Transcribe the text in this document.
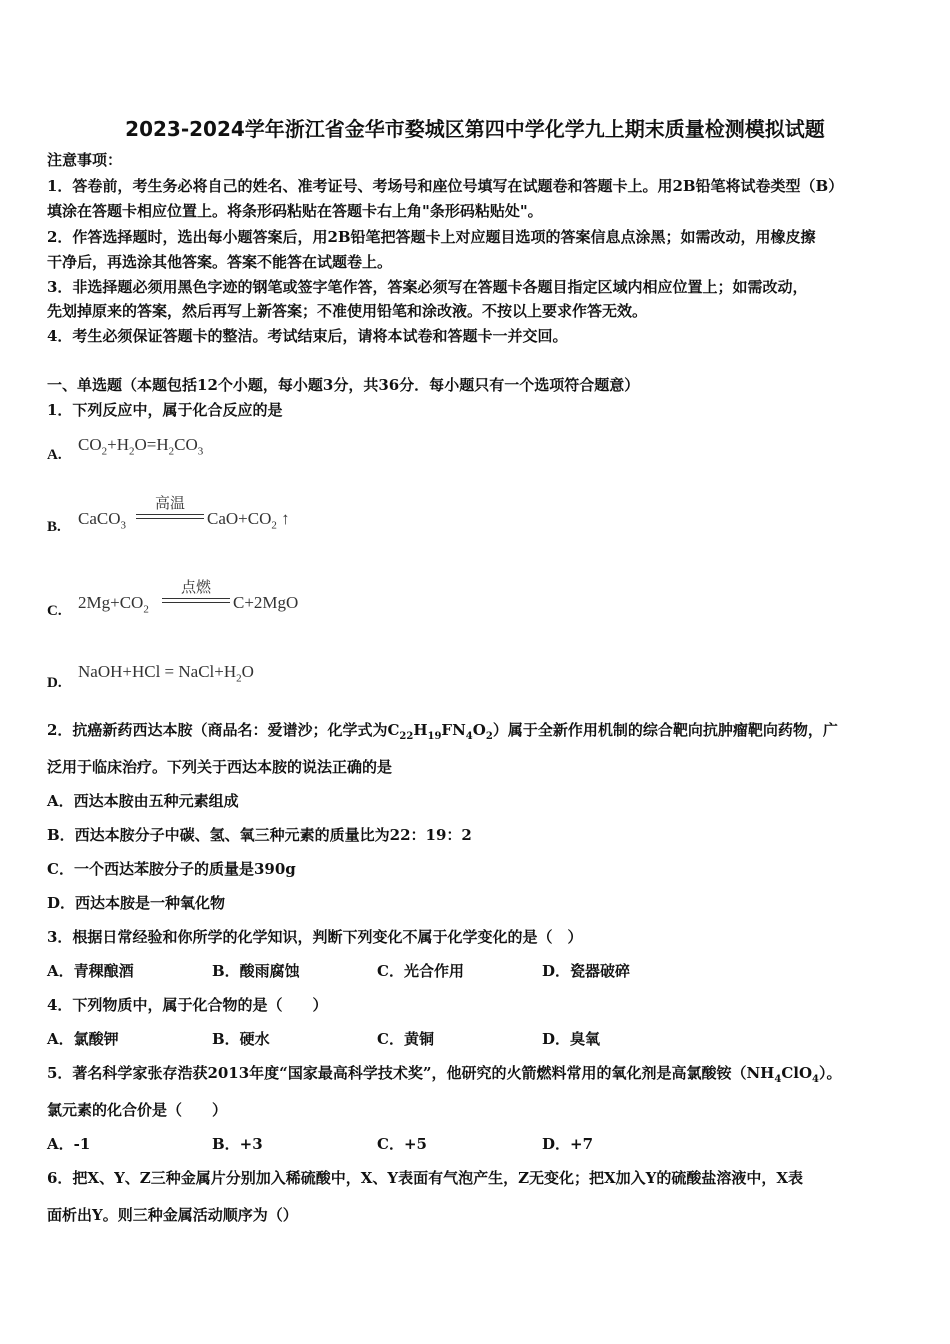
2023-2024学年浙江省金华市婺城区第四中学化学九上期末质量检测模拟试题
注意事项：
1．答卷前，考生务必将自己的姓名、准考证号、考场号和座位号填写在试题卷和答题卡上。用2B铅笔将试卷类型（B）
填涂在答题卡相应位置上。将条形码粘贴在答题卡右上角"条形码粘贴处"。
2．作答选择题时，选出每小题答案后，用2B铅笔把答题卡上对应题目选项的答案信息点涂黑；如需改动，用橡皮擦
干净后，再选涂其他答案。答案不能答在试题卷上。
3．非选择题必须用黑色字迹的钢笔或签字笔作答，答案必须写在答题卡各题目指定区域内相应位置上；如需改动，
先划掉原来的答案，然后再写上新答案；不准使用铅笔和涂改液。不按以上要求作答无效。
4．考生必须保证答题卡的整洁。考试结束后，请将本试卷和答题卡一并交回。
一、单选题（本题包括12个小题，每小题3分，共36分．每小题只有一个选项符合题意）
1．下列反应中，属于化合反应的是
A.
$CO_2+H_2O=H_2CO_3$
B. CaCO$_3$
高温
$CaO+CO_2$ ↑
C. $2Mg+CO_2$
点燃
C+2MgO
D.
NaOH+HCl = $NaCl+H_2O$
2．抗癌新药西达本胺（商品名：爱谱沙；化学式为$C_{22}H_{19}FN_4O_2$）属于全新作用机制的综合靶向抗肿瘤靶向药物，广
泛用于临床治疗。下列关于西达本胺的说法正确的是
A．西达本胺由五种元素组成
B．西达本胺分子中碳、氢、氧三种元素的质量比为22：19：2
C．一个西达苯胺分子的质量是390g
D．西达本胺是一种氧化物
3．根据日常经验和你所学的化学知识，判断下列变化不属于化学变化的是（　）
A．青稞酿酒	B．酸雨腐蚀	C．光合作用	D．瓷器破碎
4．下列物质中，属于化合物的是（　　）
A．氯酸钾	B．硬水	C．黄铜	D．臭氧
5．著名科学家张存浩获2013年度“国家最高科学技术奖”，他研究的火箭燃料常用的氧化剂是高氯酸铵$(NH_4ClO_4)$。
氯元素的化合价是（　　）
A．-1	B．+3	C．+5	D．+7
6．把X、Y、Z三种金属片分别加入稀硫酸中，X、Y表面有气泡产生，Z无变化；把X加入Y的硫酸盐溶液中，X表
面析出Y。则三种金属活动顺序为（）
